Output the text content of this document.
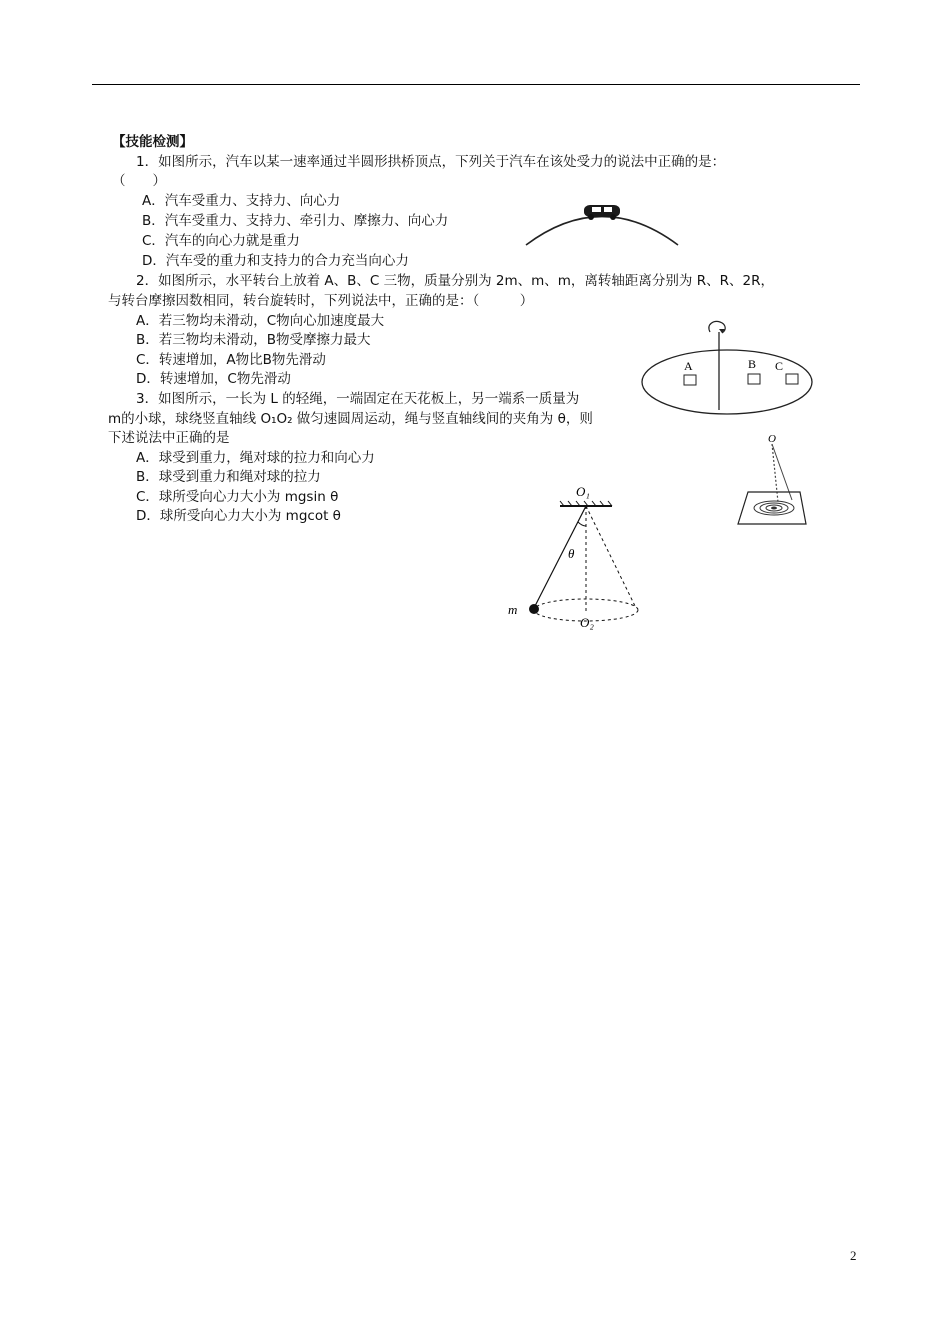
【技能检测】
1．如图所示，汽车以某一速率通过半圆形拱桥顶点，下列关于汽车在该处受力的说法中正确的是：
（　　）
A．汽车受重力、支持力、向心力
B．汽车受重力、支持力、牵引力、摩擦力、向心力
C．汽车的向心力就是重力
D．汽车受的重力和支持力的合力充当向心力
2．如图所示，水平转台上放着 A、B、C 三物，质量分别为 2m、m、m，离转轴距离分别为 R、R、2R，
与转台摩擦因数相同，转台旋转时，下列说法中，正确的是：（　　　）
A．若三物均未滑动，C物向心加速度最大
B．若三物均未滑动，B物受摩擦力最大
C．转速增加，A物比B物先滑动
D．转速增加，C物先滑动
A	B C
3．如图所示，一长为 L 的轻绳，一端固定在天花板上，另一端系一质量为
m的小球，球绕竖直轴线 O₁O₂ 做匀速圆周运动，绳与竖直轴线间的夹角为 θ，则
下述说法中正确的是
A．球受到重力，绳对球的拉力和向心力
B．球受到重力和绳对球的拉力
C．球所受向心力大小为 mgsin θ
D．球所受向心力大小为 mgcot θ
O
O₁
θ
m
O₂
2
